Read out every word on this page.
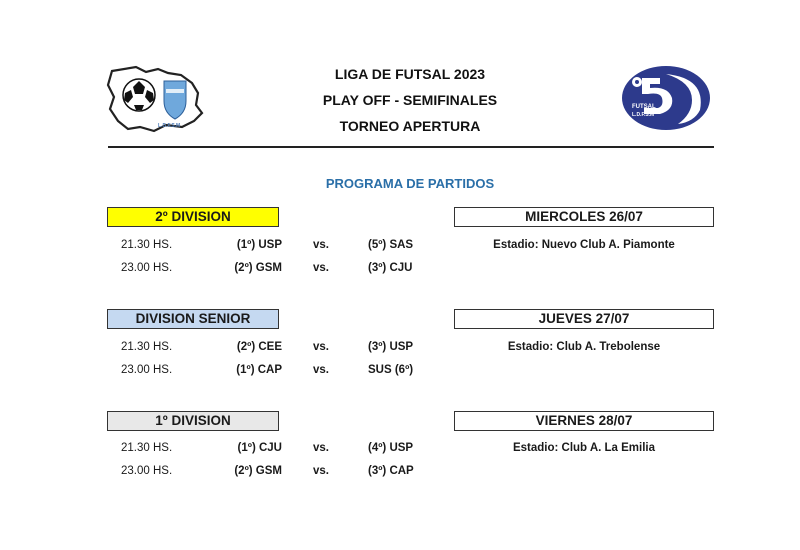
L.D.F.S.M
FUTSAL
L.D.F.S.M
LIGA DE FUTSAL 2023
PLAY OFF - SEMIFINALES
TORNEO APERTURA
PROGRAMA DE PARTIDOS
2º DIVISION	MIERCOLES 26/07
Estadio: Nuevo Club A. Piamonte
21.30 HS.	(1º) USP	vs.	(5º) SAS
23.00 HS.	(2º) GSM	vs.	(3º) CJU
DIVISION SENIOR	JUEVES 27/07
Estadio: Club A. Trebolense
21.30 HS.	(2º) CEE	vs.	(3º) USP
23.00 HS.	(1º) CAP	vs.	SUS (6º)
1º DIVISION	VIERNES 28/07
Estadio: Club A. La Emilia
21.30 HS.	(1º) CJU	vs.	(4º) USP
23.00 HS.	(2º) GSM	vs.	(3º) CAP
